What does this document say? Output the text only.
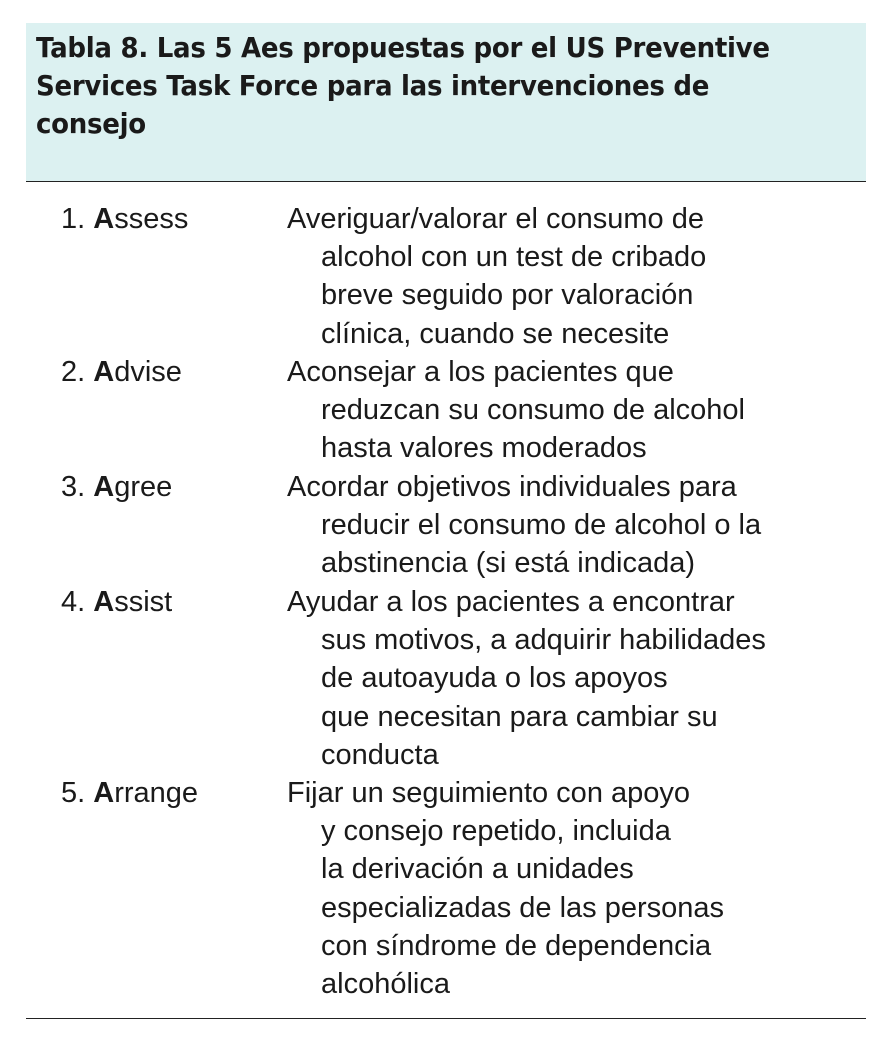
Tabla 8. Las 5 Aes propuestas por el US Preventive
Services Task Force para las intervenciones de
consejo
1. Assess	Averiguar/valorar el consumo de
alcohol con un test de cribado
breve seguido por valoración
clínica, cuando se necesite
2. Advise	Aconsejar a los pacientes que
reduzcan su consumo de alcohol
hasta valores moderados
3. Agree	Acordar objetivos individuales para
reducir el consumo de alcohol o la
abstinencia (si está indicada)
4. Assist	Ayudar a los pacientes a encontrar
sus motivos, a adquirir habilidades
de autoayuda o los apoyos
que necesitan para cambiar su
conducta
5. Arrange	Fijar un seguimiento con apoyo
y consejo repetido, incluida
la derivación a unidades
especializadas de las personas
con síndrome de dependencia
alcohólica
